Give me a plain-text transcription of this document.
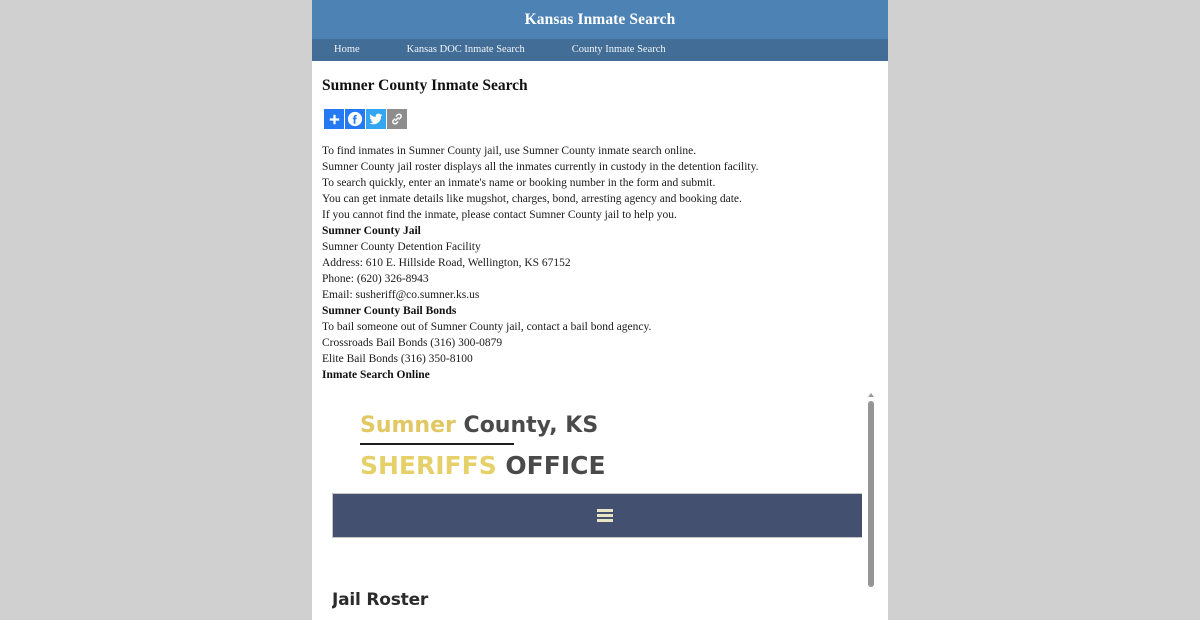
Kansas Inmate Search
Home	Kansas DOC Inmate Search	County Inmate Search
Sumner County Inmate Search
To find inmates in Sumner County jail, use Sumner County inmate search online.
Sumner County jail roster displays all the inmates currently in custody in the detention facility.
To search quickly, enter an inmate's name or booking number in the form and submit.
You can get inmate details like mugshot, charges, bond, arresting agency and booking date.
If you cannot find the inmate, please contact Sumner County jail to help you.
Sumner County Jail
Sumner County Detention Facility
Address: 610 E. Hillside Road, Wellington, KS 67152
Phone: (620) 326-8943
Email: susheriff@co.sumner.ks.us
Sumner County Bail Bonds
To bail someone out of Sumner County jail, contact a bail bond agency.
Crossroads Bail Bonds (316) 300-0879
Elite Bail Bonds (316) 350-8100
Inmate Search Online
Sumner County, KS
SHERIFFS OFFICE
Jail Roster
